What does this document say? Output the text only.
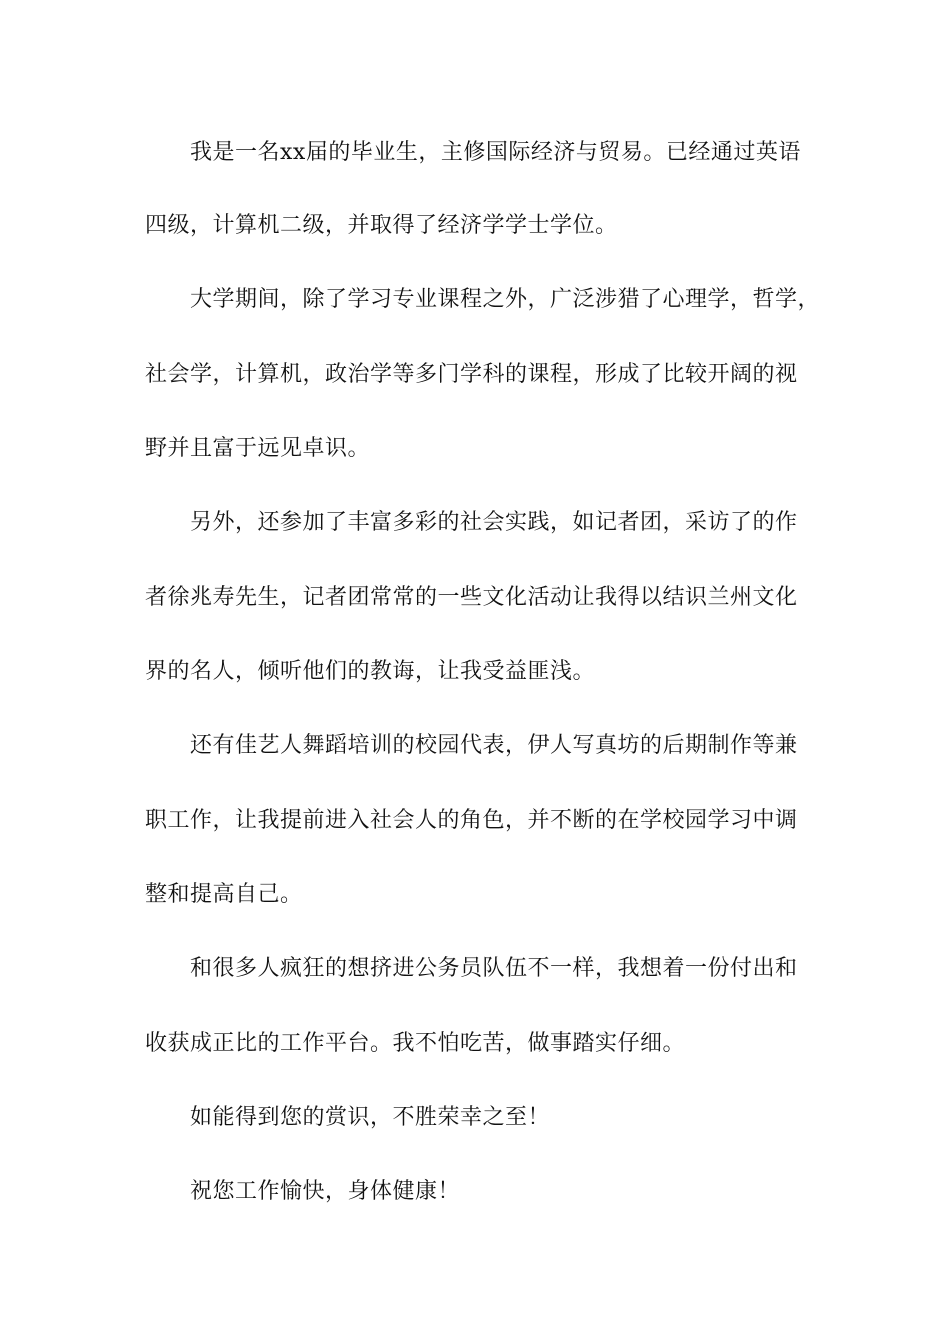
我是一名xx届的毕业生，主修国际经济与贸易。已经通过英语
四级，计算机二级，并取得了经济学学士学位。
大学期间，除了学习专业课程之外，广泛涉猎了心理学，哲学，
社会学，计算机，政治学等多门学科的课程，形成了比较开阔的视
野并且富于远见卓识。
另外，还参加了丰富多彩的社会实践，如记者团，采访了的作
者徐兆寿先生，记者团常常的一些文化活动让我得以结识兰州文化
界的名人，倾听他们的教诲，让我受益匪浅。
还有佳艺人舞蹈培训的校园代表，伊人写真坊的后期制作等兼
职工作，让我提前进入社会人的角色，并不断的在学校园学习中调
整和提高自己。
和很多人疯狂的想挤进公务员队伍不一样，我想着一份付出和
收获成正比的工作平台。我不怕吃苦，做事踏实仔细。
如能得到您的赏识，不胜荣幸之至！
祝您工作愉快，身体健康！
